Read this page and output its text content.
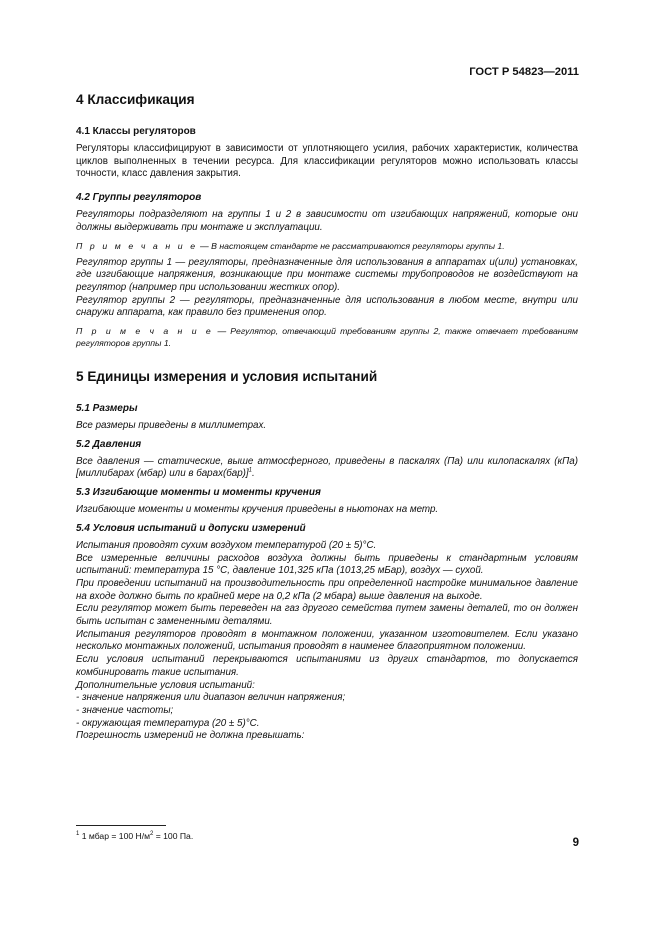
ГОСТ Р 54823—2011
4 Классификация
4.1 Классы регуляторов

Регуляторы классифицируют в зависимости от уплотняющего усилия, рабочих характеристик, количества циклов выполненных в течении ресурса. Для классификации регуляторов можно использовать классы точности, класс давления закрытия.

4.2 Группы регуляторов

Регуляторы подразделяют на группы 1 и 2 в зависимости от изгибающих напряжений, которые они должны выдерживать при монтаже и эксплуатации.

П р и м е ч а н и е — В настоящем стандарте не рассматриваются регуляторы группы 1.

Регулятор группы 1 — регуляторы, предназначенные для использования в аппаратах и(или) установках, где изгибающие напряжения, возникающие при монтаже системы трубопроводов не воздействуют на регулятор (например при использовании жестких опор).

Регулятор группы 2 — регуляторы, предназначенные для использования в любом месте, внутри или снаружи аппарата, как правило без применения опор.

П р и м е ч а н и е — Регулятор, отвечающий требованиям группы 2, также отвечает требованиям регуляторов группы 1.
5 Единицы измерения и условия испытаний
5.1 Размеры

Все размеры приведены в миллиметрах.

5.2 Давления

Все давления — статические, выше атмосферного, приведены в паскалях (Па) или килопаскалях (кПа) [миллибарах (мбар) или в барах(бар)]$^1$.

5.3 Изгибающие моменты и моменты кручения

Изгибающие моменты и моменты кручения приведены в ньютонах на метр.

5.4 Условия испытаний и допуски измерений

Испытания проводят сухим воздухом температурой (20 ± 5)°С.

Все измеренные величины расходов воздуха должны быть приведены к стандартным условиям испытаний: температура 15 °С, давление 101,325 кПа (1013,25 мБар), воздух — сухой.

При проведении испытаний на производительность при определенной настройке минимальное давление на входе должно быть по крайней мере на 0,2 кПа (2 мбара) выше давления на выходе.

Если регулятор может быть переведен на газ другого семейства путем замены деталей, то он должен быть испытан с замененными деталями.

Испытания регуляторов проводят в монтажном положении, указанном изготовителем. Если указано несколько монтажных положений, испытания проводят в наименее благоприятном положении.

Если условия испытаний перекрываются испытаниями из других стандартов, то допускается комбинировать такие испытания.

Дополнительные условия испытаний:

- значение напряжения или диапазон величин напряжения;

- значение частоты;

- окружающая температура (20 ± 5)°С.

Погрешность измерений не должна превышать:

$^1$ 1 мбар = 100 $Н/м^2 = 100$ Па.
9
